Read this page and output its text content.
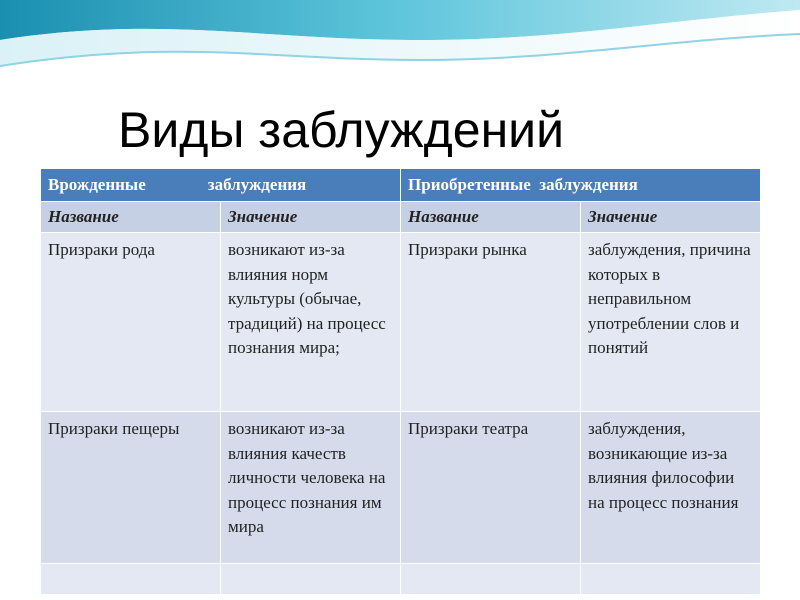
Виды заблуждений
Врожденные заблуждения		Приобретенные заблуждения	
Название	Значение	Название	Значение
Призраки рода	возникают из-за влияния норм культуры (обычае, традиций) на процесс познания мира;	Призраки рынка	заблуждения, причина которых в неправильном употреблении слов и понятий
Призраки пещеры	возникают из-за влияния качеств личности человека на процесс познания им мира	Призраки театра	заблуждения, возникающие из-за влияния философии на процесс познания
